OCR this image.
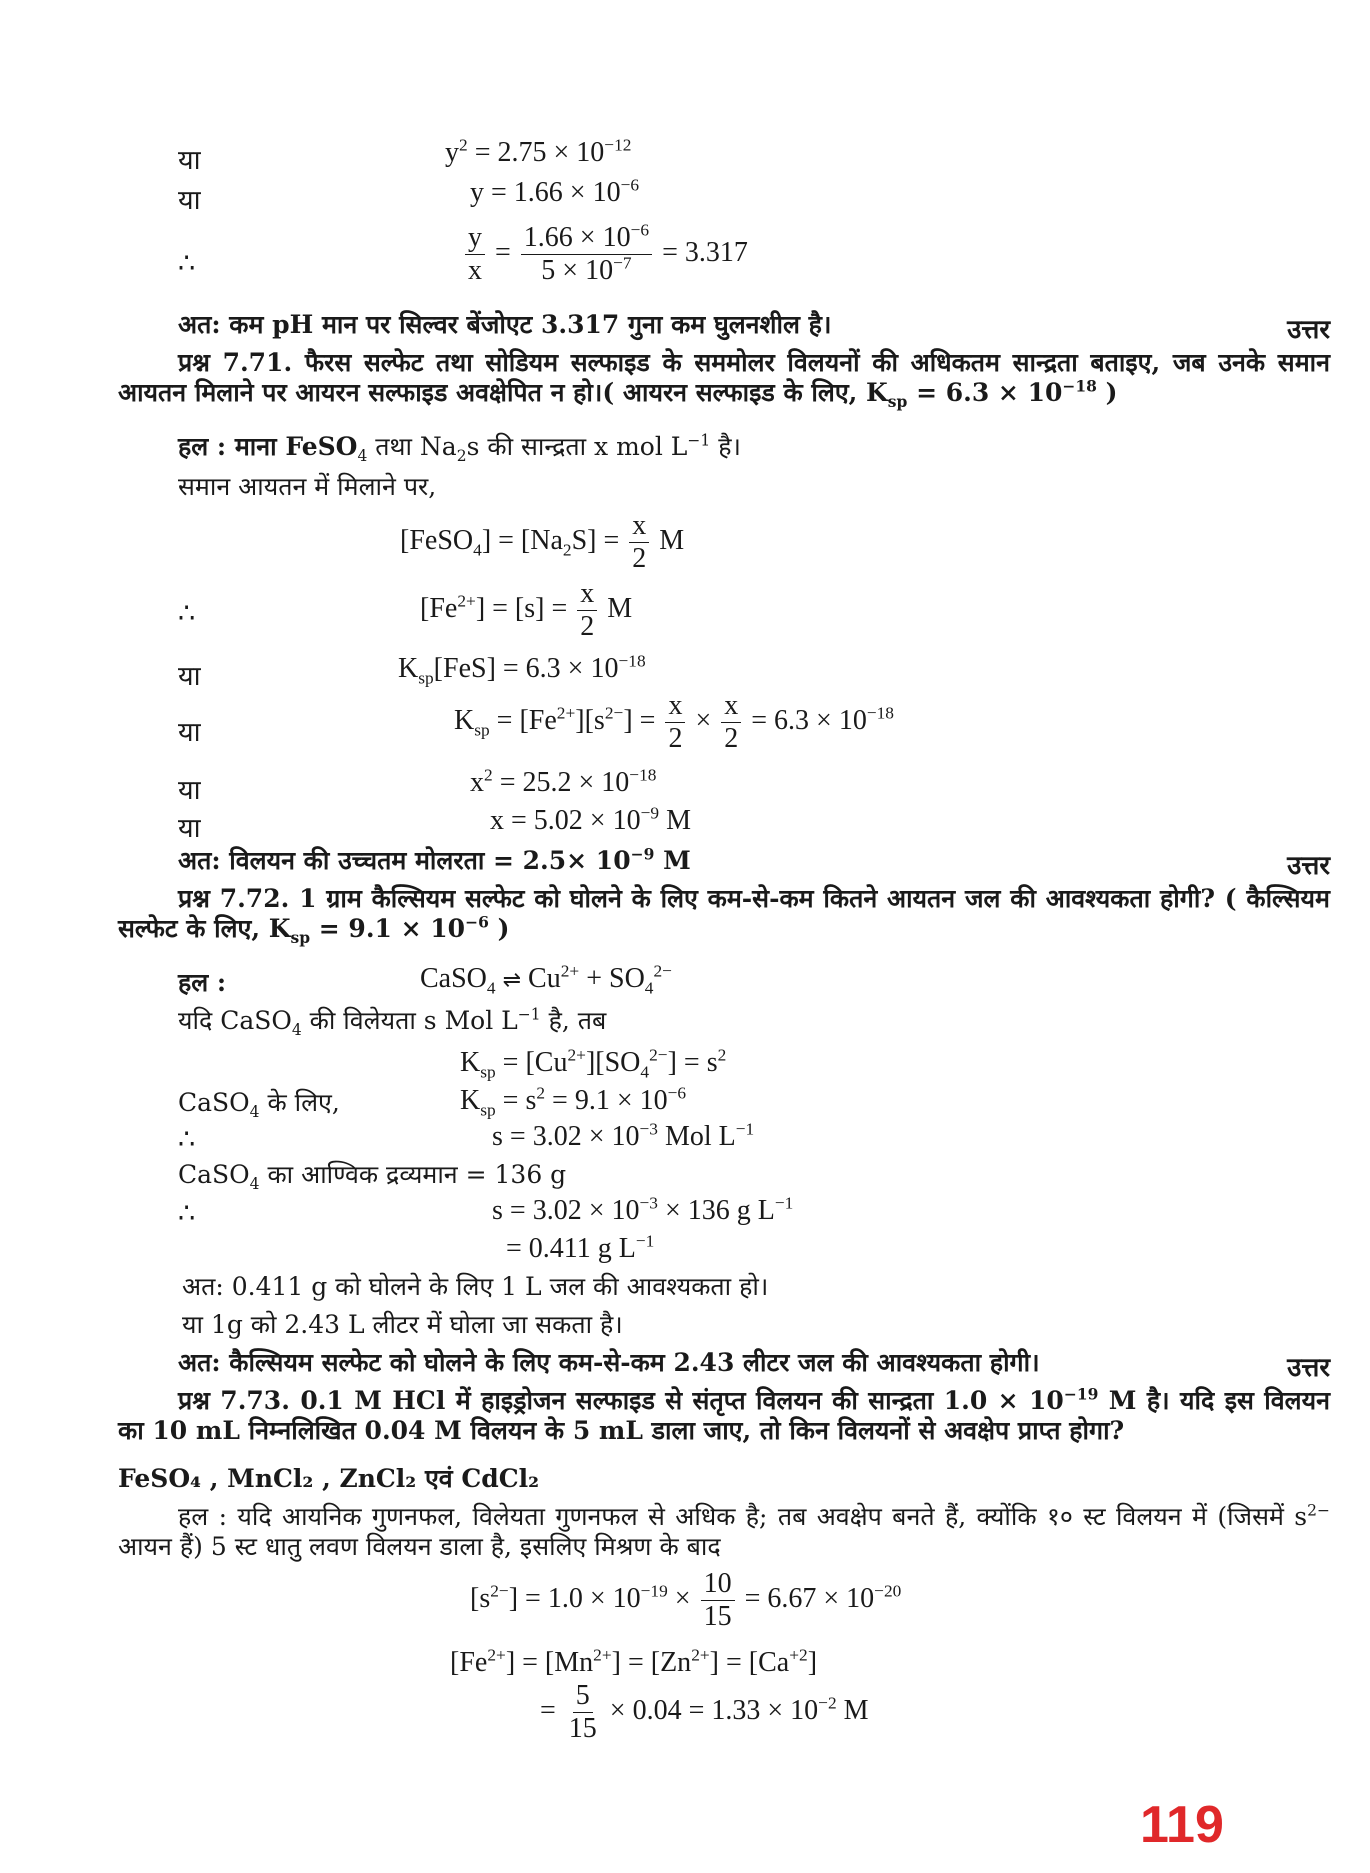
या	$y^2 = 2.75 \times 10^{-12}$
या	$y = 1.66 \times 10^{-6}$
∴	$\frac{y}{x} = \frac{1.66 \times 10^{-6}}{5 \times 10^{-7}} = 3.317$
अत: कम pH मान पर सिल्वर बेंजोएट 3.317 गुना कम घुलनशील है।	उत्तर
प्रश्न 7.71. फैरस सल्फेट तथा सोडियम सल्फाइड के सममोलर विलयनों की अधिकतम सान्द्रता बताइए, जब उनके समान आयतन मिलाने पर आयरन सल्फाइड अवक्षेपित न हो।( आयरन सल्फाइड के लिए, $K_{sp} = 6.3 \times 10^{-18}$ )
हल : माना FeSO$_4$ तथा $Na_2s$ की सान्द्रता x mol $L^{-1}$ है।
समान आयतन में मिलाने पर,
[FeSO$_4$] = $[Na_2S] = \frac{x}{2}$ M
∴	$[Fe^{2+}] = [s] = \frac{x}{2}$ M
या	$K_{sp}[FeS] = 6.3 \times 10^{-18}$
या	$K_{sp} = [Fe^{2+}][s^{2-}] = \frac{x}{2} \times \frac{x}{2} = 6.3 \times 10^{-18}$
या	$x^2 = 25.2 \times 10^{-18}$
या	$x = 5.02 \times 10^{-9}$ M
अत: विलयन की उच्चतम मोलरता = $2.5\times 10^{-9}$ M	उत्तर
प्रश्न 7.72. 1 ग्राम कैल्सियम सल्फेट को घोलने के लिए कम-से-कम कितने आयतन जल की आवश्यकता होगी? ( कैल्सियम सल्फेट के लिए, $K_{sp} = 9.1 \times 10^{-6}$ )
हल :	CaSO$_4$ ⇌ $Cu^{2+} + SO_4^{2-}$
यदि CaSO$_4$ की विलेयता s Mol $L^{-1}$ है, तब
$K_{sp} = [Cu^{2+}][SO_4^{2-}] = s^2$
CaSO$_4$ के लिए,	$K_{sp} = s^2 = 9.1 \times 10^{-6}$
∴	$s = 3.02 \times 10^{-3}$ Mol $L^{-1}$
CaSO$_4$ का आण्विक द्रव्यमान = 136 g
∴	$s = 3.02 \times 10^{-3} \times 136$ g $L^{-1}$
= 0.411 g $L^{-1}$
अत: 0.411 g को घोलने के लिए 1 L जल की आवश्यकता हो।
या 1g को 2.43 L लीटर में घोला जा सकता है।
अत: कैल्सियम सल्फेट को घोलने के लिए कम-से-कम 2.43 लीटर जल की आवश्यकता होगी।	उत्तर
प्रश्न 7.73. 0.1 M HCl में हाइड्रोजन सल्फाइड से संतृप्त विलयन की सान्द्रता $1.0 \times 10^{-19}$ M है। यदि इस विलयन का 10 mL निम्नलिखित 0.04 M विलयन के 5 mL डाला जाए, तो किन विलयनों से अवक्षेप प्राप्त होगा?
FeSO₄ , MnCl₂ , ZnCl₂ एवं CdCl₂
हल : यदि आयनिक गुणनफल, विलेयता गुणनफल से अधिक है; तब अवक्षेप बनते हैं, क्योंकि १० स्ट विलयन में (जिसमें $s^{2-}$ आयन हैं) 5 स्ट धातु लवण विलयन डाला है, इसलिए मिश्रण के बाद
$[s^{2-}] = 1.0 \times 10^{-19} \times \frac{10}{15} = 6.67 \times 10^{-20}$
$[Fe^{2+}] = [Mn^{2+}] = [Zn^{2+}] = [Ca^{+2}]$
= $\frac{5}{15} \times 0.04 = 1.33 \times 10^{-2}$ M
119
